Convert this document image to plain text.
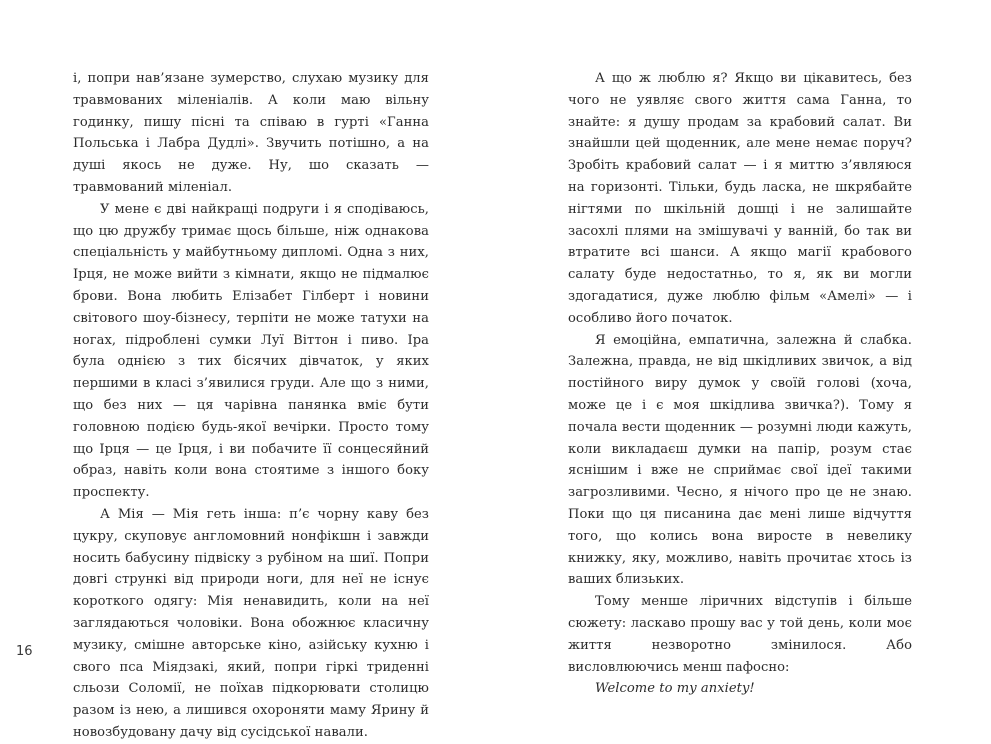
і, попри нав’язане зумерство, слухаю музику для травмованих міленіалів. А коли маю вільну годинку, пишу пісні та співаю в гурті «Ганна Польська і Лабра Дудлі». Звучить потішно, а на душі якось не дуже. Ну, шо сказать — травмований міленіал.

У мене є дві найкращі подруги і я сподіваюсь, що цю дружбу тримає щось більше, ніж однакова спеціальність у майбутньому дипломі. Одна з них, Ірця, не може вийти з кімнати, якщо не підмалює брови. Вона любить Елізабет Гілберт і новини світового шоу-бізнесу, терпіти не може татухи на ногах, підроблені сумки Луї Віттон і пиво. Іра була однією з тих бісячих дівчаток, у яких першими в класі з’явилися груди. Але що з ними, що без них — ця чарівна панянка вміє бути головною подією будь-якої вечірки. Просто тому що Ірця — це Ірця, і ви побачите її сонцесяйний образ, навіть коли вона стоятиме з іншого боку проспекту.

А Мія — Мія геть інша: п’є чорну каву без цукру, скуповує англомовний нонфікшн і завжди носить бабусину підвіску з рубіном на шиї. Попри довгі стрункі від природи ноги, для неї не існує короткого одягу: Мія ненавидить, коли на неї заглядаються чоловіки. Вона обожнює класичну музику, смішне авторське кіно, азійську кухню і свого пса Міядзакі, який, попри гіркі триденні сльози Соломії, не поїхав підкорювати столицю разом із нею, а лишився охороняти маму Ярину й новозбудовану дачу від сусідської навали.

А що ж люблю я? Якщо ви цікавитесь, без чого не уявляє свого життя сама Ганна, то знайте: я душу продам за крабовий салат. Ви знайшли цей щоденник, але мене немає поруч? Зробіть крабовий салат — і я миттю з’являюся на горизонті. Тільки, будь ласка, не шкрябайте нігтями по шкільній дошці і не залишайте засохлі плями на змішувачі у ванній, бо так ви втратите всі шанси. А якщо магії крабового салату буде недостатньо, то я, як ви могли здогадатися, дуже люблю фільм «Амелі» — і особливо його початок.

Я емоційна, емпатична, залежна й слабка. Залежна, правда, не від шкідливих звичок, а від постійного виру думок у своїй голові (хоча, може це і є моя шкідлива звичка?). Тому я почала вести щоденник — розумні люди кажуть, коли викладаєш думки на папір, розум стає яснішим і вже не сприймає свої ідеї такими загрозливими. Чесно, я нічого про це не знаю. Поки що ця писанина дає мені лише відчуття того, що колись вона виросте в невелику книжку, яку, можливо, навіть прочитає хтось із ваших близьких.

Тому менше ліричних відступів і більше сюжету: ласкаво прошу вас у той день, коли моє життя незворотно змінилося. Або висловлюючись менш пафосно:

Welcome to my anxiety!

16
